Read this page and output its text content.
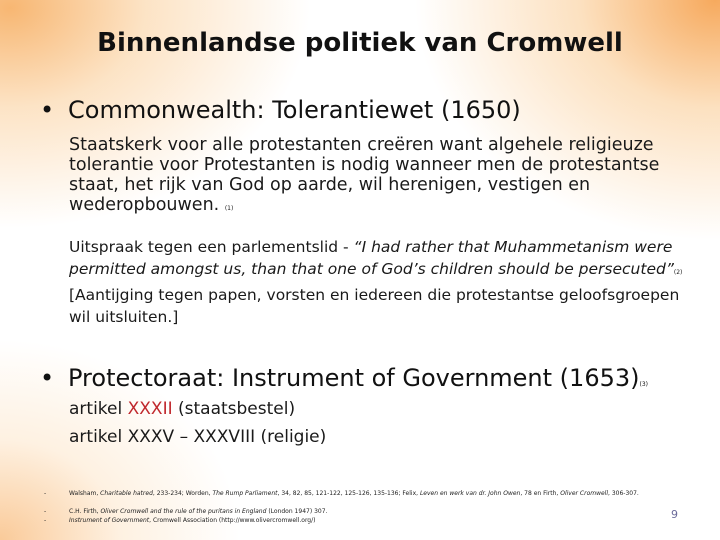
Binnenlandse politiek van Cromwell
• Commonwealth: Tolerantiewet (1650)
Staatskerk voor alle protestanten creëren want algehele religieuze tolerantie voor Protestanten is nodig wanneer men de protestantse staat, het rijk van God op aarde, wil herenigen, vestigen en wederopbouwen. (1)
Uitspraak tegen een parlementslid - “I had rather that Muhammetanism were permitted amongst us, than that one of God’s children should be persecuted”(2) [Aantijging tegen papen, vorsten en iedereen die protestantse geloofsgroepen wil uitsluiten.]
• Protectoraat: Instrument of Government (1653)(3)
artikel XXXII (staatsbestel)
artikel XXXV – XXXVIII (religie)
-	Walsham, Charitable hatred, 233-234; Worden, The Rump Parliament, 34, 82, 85, 121-122, 125-126, 135-136; Felix, Leven en werk van dr. John Owen, 78 en Firth, Oliver Cromwell, 306-307.
-	C.H. Firth, Oliver Cromwell and the rule of the puritans in England (London 1947) 307.
-	Instrument of Government, Cromwell Association (http://www.olivercromwell.org/)	9
